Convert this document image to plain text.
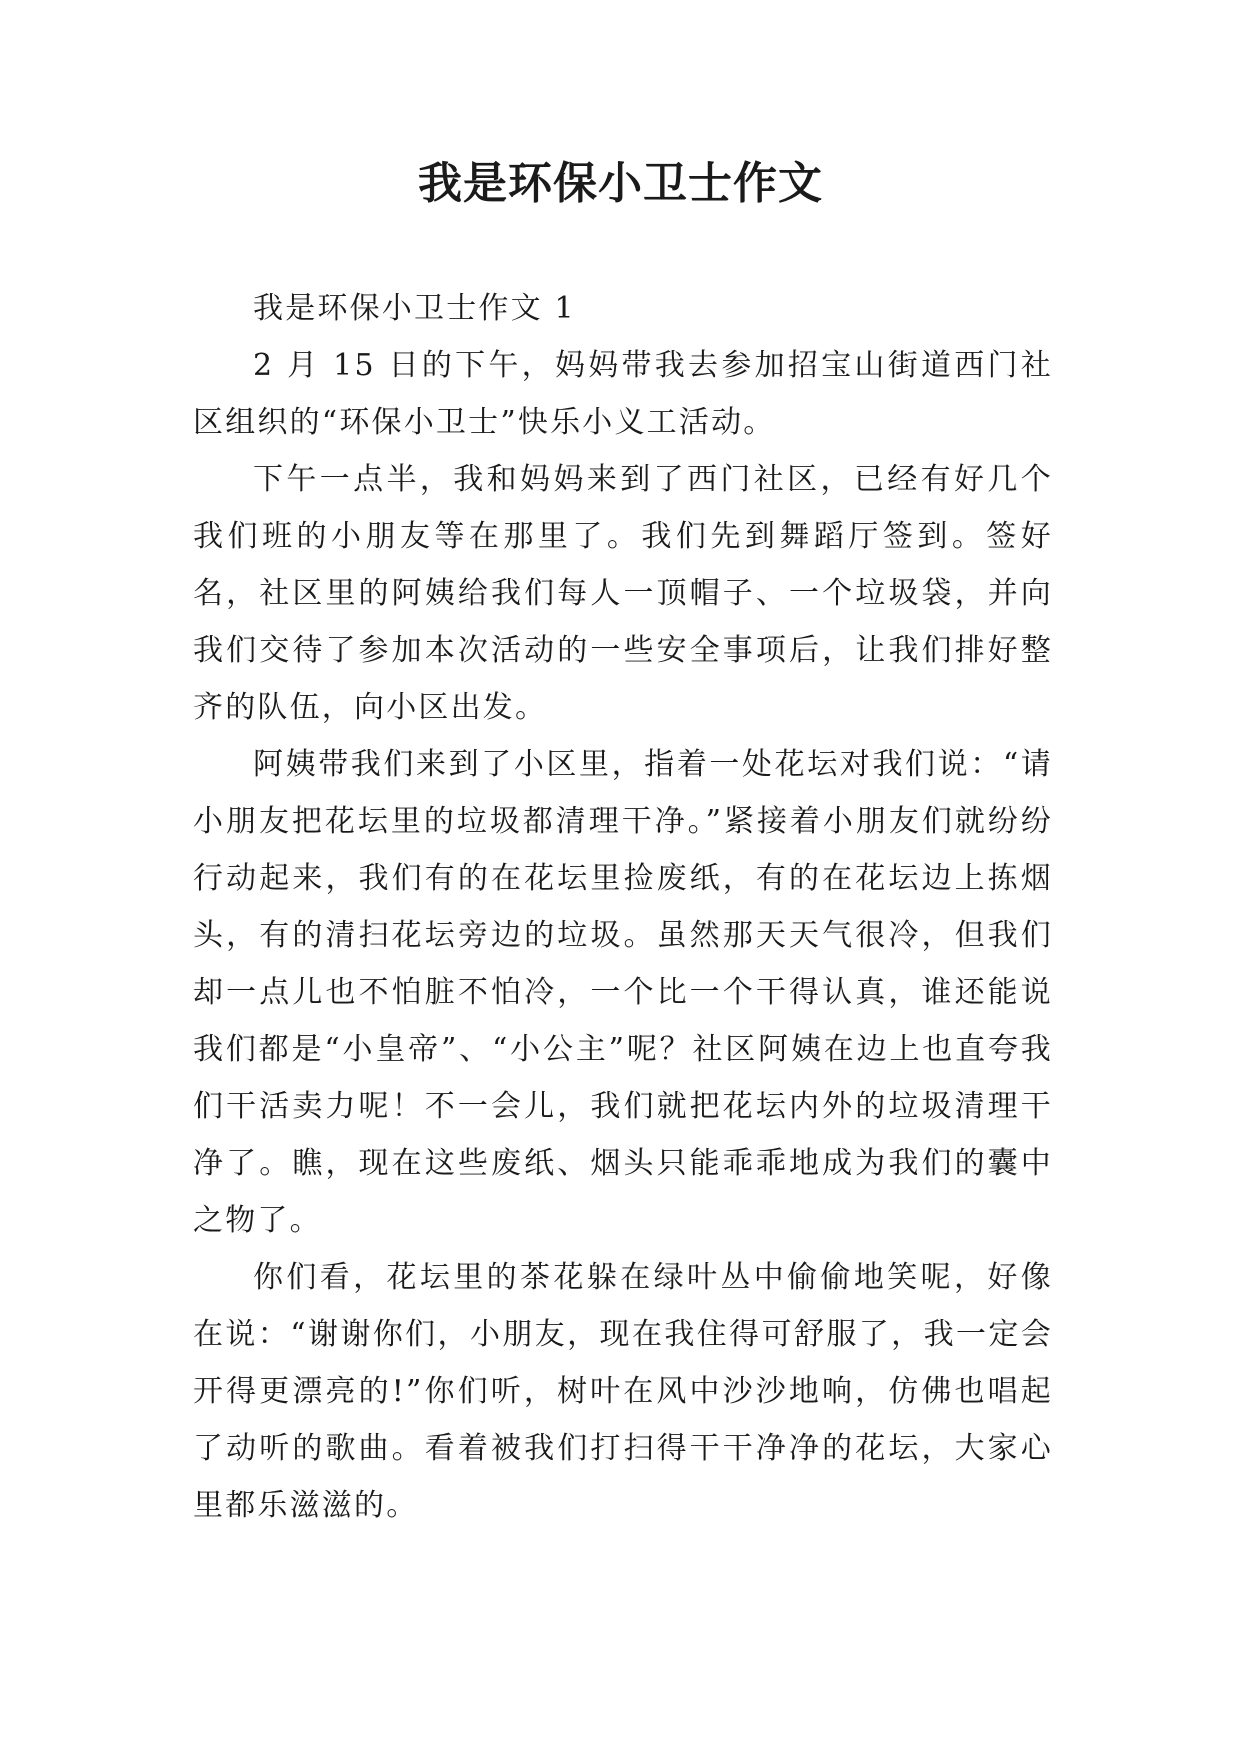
我是环保小卫士作文

我是环保小卫士作文 1

2 月 15 日的下午，妈妈带我去参加招宝山街道西门社区组织的“环保小卫士”快乐小义工活动。

下午一点半，我和妈妈来到了西门社区，已经有好几个我们班的小朋友等在那里了。我们先到舞蹈厅签到。签好名，社区里的阿姨给我们每人一顶帽子、一个垃圾袋，并向我们交待了参加本次活动的一些安全事项后，让我们排好整齐的队伍，向小区出发。

阿姨带我们来到了小区里，指着一处花坛对我们说：“请小朋友把花坛里的垃圾都清理干净。”紧接着小朋友们就纷纷行动起来，我们有的在花坛里捡废纸，有的在花坛边上拣烟头，有的清扫花坛旁边的垃圾。虽然那天天气很冷，但我们却一点儿也不怕脏不怕冷，一个比一个干得认真，谁还能说我们都是“小皇帝”、“小公主”呢？社区阿姨在边上也直夸我们干活卖力呢！不一会儿，我们就把花坛内外的垃圾清理干净了。瞧，现在这些废纸、烟头只能乖乖地成为我们的囊中之物了。

你们看，花坛里的茶花躲在绿叶丛中偷偷地笑呢，好像在说：“谢谢你们，小朋友，现在我住得可舒服了，我一定会开得更漂亮的!”你们听，树叶在风中沙沙地响，仿佛也唱起了动听的歌曲。看着被我们打扫得干干净净的花坛，大家心里都乐滋滋的。
